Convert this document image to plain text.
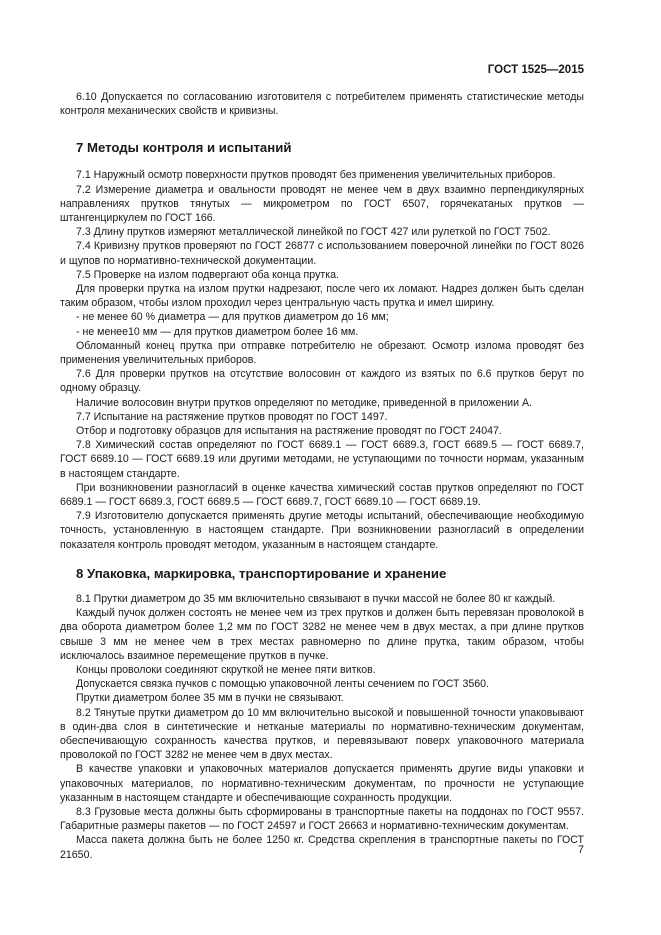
ГОСТ 1525—2015

6.10 Допускается по согласованию изготовителя с потребителем применять статистические методы контроля механических свойств и кривизны.

7 Методы контроля и испытаний

7.1 Наружный осмотр поверхности прутков проводят без применения увеличительных приборов.

7.2 Измерение диаметра и овальности проводят не менее чем в двух взаимно перпендикулярных направлениях прутков тянутых — микрометром по ГОСТ 6507, горячекатаных прутков — штангенциркулем по ГОСТ 166.

7.3 Длину прутков измеряют металлической линейкой по ГОСТ 427 или рулеткой по ГОСТ 7502.

7.4 Кривизну прутков проверяют по ГОСТ 26877 с использованием поверочной линейки по ГОСТ 8026 и щупов по нормативно-технической документации.

7.5 Проверке на излом подвергают оба конца прутка.

Для проверки прутка на излом прутки надрезают, после чего их ломают. Надрез должен быть сделан таким образом, чтобы излом проходил через центральную часть прутка и имел ширину.

- не менее 60 % диаметра — для прутков диаметром до 16 мм;

- не менее10 мм — для прутков диаметром более 16 мм.

Обломанный конец прутка при отправке потребителю не обрезают. Осмотр излома проводят без применения увеличительных приборов.

7.6 Для проверки прутков на отсутствие волосовин от каждого из взятых по 6.6 прутков берут по одному образцу.

Наличие волосовин внутри прутков определяют по методике, приведенной в приложении А.

7.7 Испытание на растяжение прутков проводят по ГОСТ 1497.

Отбор и подготовку образцов для испытания на растяжение проводят по ГОСТ 24047.

7.8 Химический состав определяют по ГОСТ 6689.1 — ГОСТ 6689.3, ГОСТ 6689.5 — ГОСТ 6689.7, ГОСТ 6689.10 — ГОСТ 6689.19 или другими методами, не уступающими по точности нормам, указанным в настоящем стандарте.

При возникновении разногласий в оценке качества химический состав прутков определяют по ГОСТ 6689.1 — ГОСТ 6689.3, ГОСТ 6689.5 — ГОСТ 6689.7, ГОСТ 6689.10 — ГОСТ 6689.19.

7.9 Изготовителю допускается применять другие методы испытаний, обеспечивающие необходимую точность, установленную в настоящем стандарте. При возникновении разногласий в определении показателя контроль проводят методом, указанным в настоящем стандарте.

8 Упаковка, маркировка, транспортирование и хранение

8.1 Прутки диаметром до 35 мм включительно связывают в пучки массой не более 80 кг каждый.

Каждый пучок должен состоять не менее чем из трех прутков и должен быть перевязан проволокой в два оборота диаметром более 1,2 мм по ГОСТ 3282 не менее чем в двух местах, а при длине прутков свыше 3 мм не менее чем в трех местах равномерно по длине прутка, таким образом, чтобы исключалось взаимное перемещение прутков в пучке.

Концы проволоки соединяют скруткой не менее пяти витков.

Допускается связка пучков с помощью упаковочной ленты сечением по ГОСТ 3560.

Прутки диаметром более 35 мм в пучки не связывают.

8.2 Тянутые прутки диаметром до 10 мм включительно высокой и повышенной точности упаковывают в один-два слоя в синтетические и нетканые материалы по нормативно-техническим документам, обеспечивающую сохранность качества прутков, и перевязывают поверх упаковочного материала проволокой по ГОСТ 3282 не менее чем в двух местах.

В качестве упаковки и упаковочных материалов допускается применять другие виды упаковки и упаковочных материалов, по нормативно-техническим документам, по прочности не уступающие указанным в настоящем стандарте и обеспечивающие сохранность продукции.

8.3 Грузовые места должны быть сформированы в транспортные пакеты на поддонах по ГОСТ 9557. Габаритные размеры пакетов — по ГОСТ 24597 и ГОСТ 26663 и нормативно-техническим документам.

Масса пакета должна быть не более 1250 кг. Средства скрепления в транспортные пакеты по ГОСТ 21650.	7
